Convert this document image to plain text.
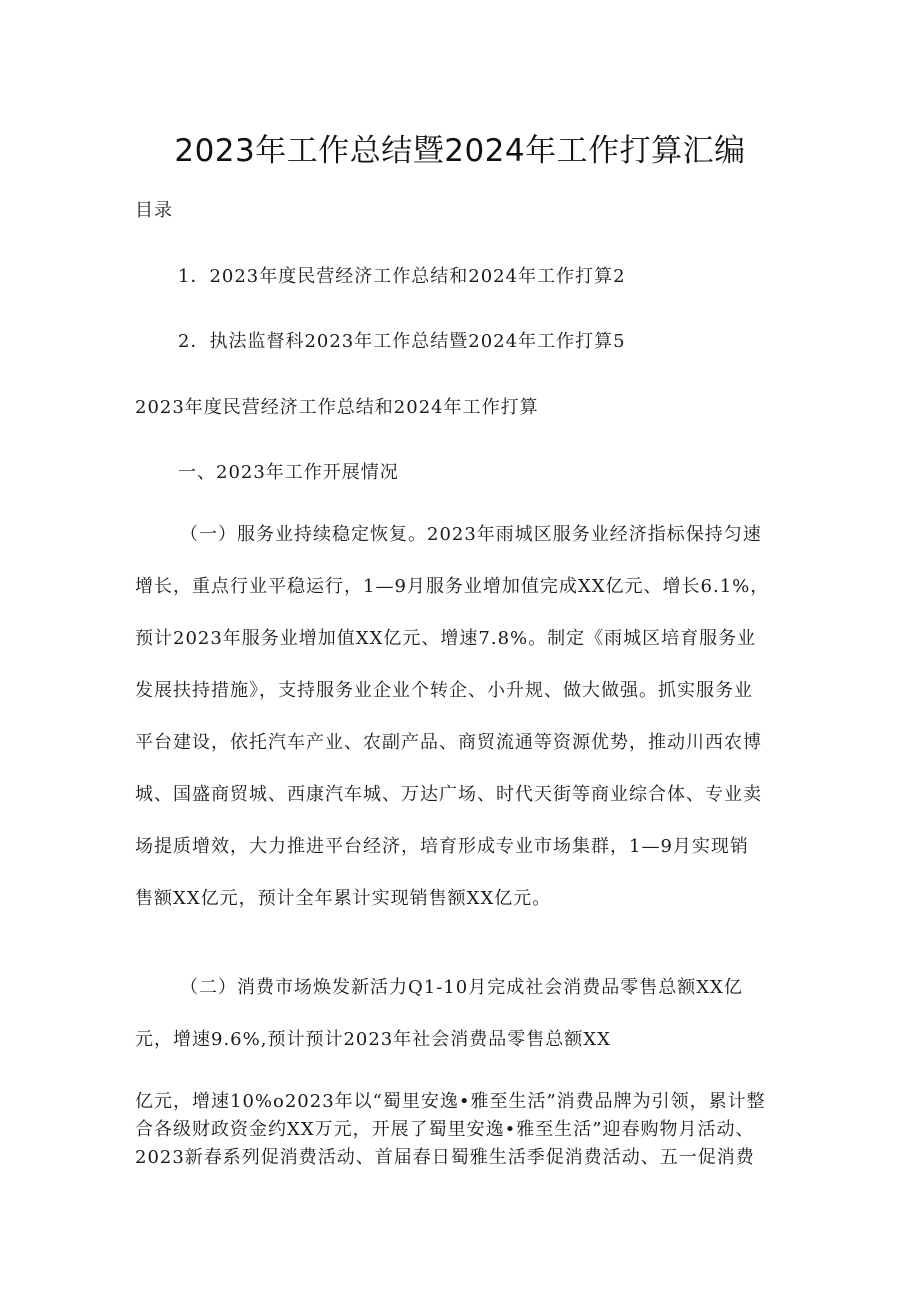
2023年工作总结暨2024年工作打算汇编

目录

1．2023年度民营经济工作总结和2024年工作打算2

2．执法监督科2023年工作总结暨2024年工作打算5

2023年度民营经济工作总结和2024年工作打算

一、2023年工作开展情况

（一）服务业持续稳定恢复。2023年雨城区服务业经济指标保持匀速
增长，重点行业平稳运行，1—9月服务业增加值完成XX亿元、增长6.1%，
预计2023年服务业增加值XX亿元、增速7.8%。制定《雨城区培育服务业
发展扶持措施》，支持服务业企业个转企、小升规、做大做强。抓实服务业
平台建设，依托汽车产业、农副产品、商贸流通等资源优势，推动川西农博
城、国盛商贸城、西康汽车城、万达广场、时代天街等商业综合体、专业卖
场提质增效，大力推进平台经济，培育形成专业市场集群，1—9月实现销
售额XX亿元，预计全年累计实现销售额XX亿元。
（二）消费市场焕发新活力Q1-10月完成社会消费品零售总额XX亿
元，增速9.6%,预计预计2023年社会消费品零售总额XX
亿元，增速10%o2023年以“蜀里安逸•雅至生活”消费品牌为引领，累计整
合各级财政资金约XX万元，开展了蜀里安逸•雅至生活”迎春购物月活动、
2023新春系列促消费活动、首届春日蜀雅生活季促消费活动、五一促消费
